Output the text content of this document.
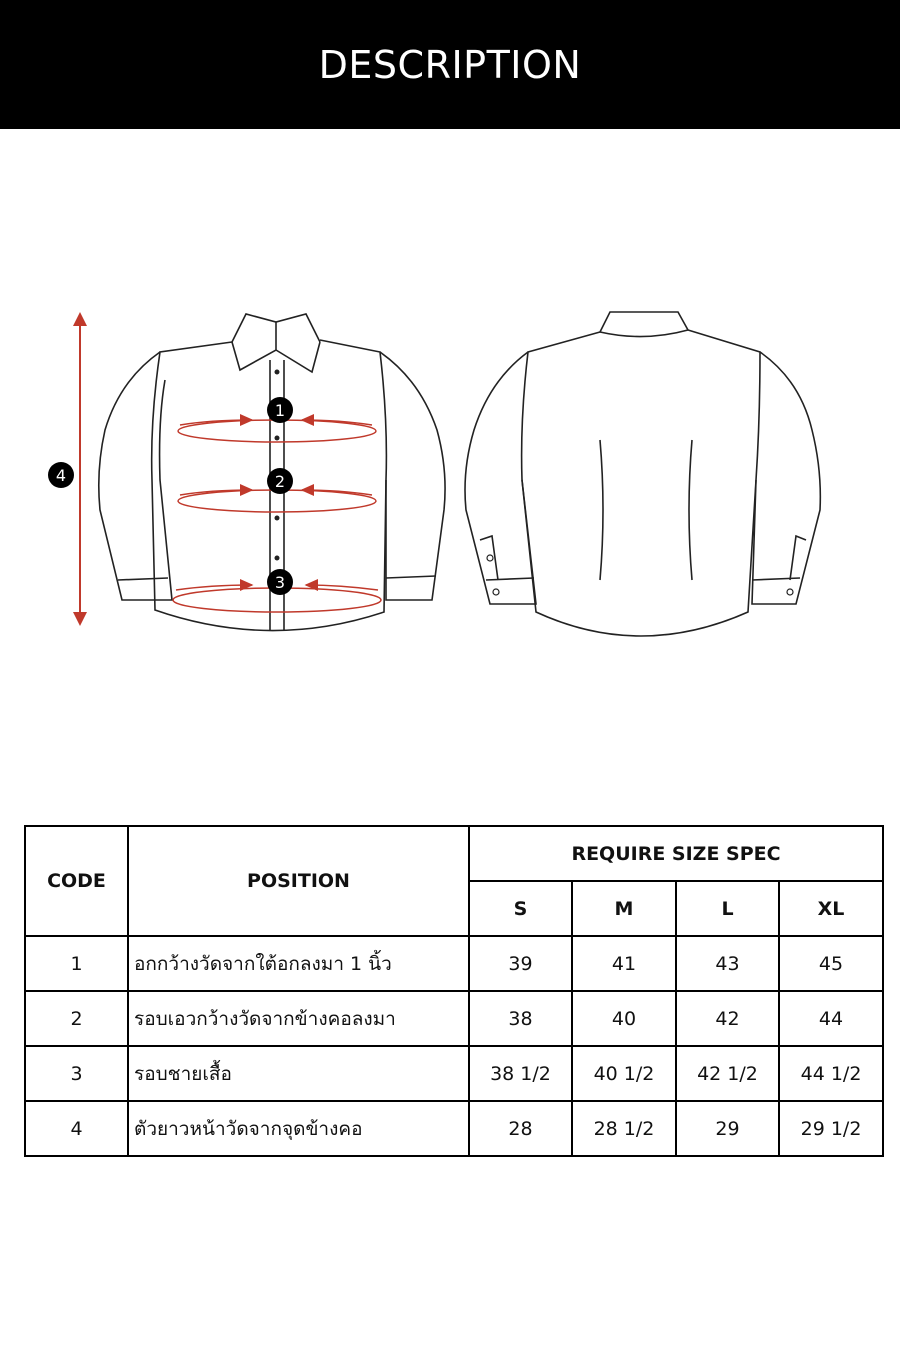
DESCRIPTION
1
2
3
4
CODE	POSITION	REQUIRE SIZE SPEC			
		S	M	L	XL
1	อกกว้างวัดจากใต้อกลงมา 1 นิ้ว	39	41	43	45
2	รอบเอวกว้างวัดจากข้างคอลงมา	38	40	42	44
3	รอบชายเสื้อ	38 1/2	40 1/2	42 1/2	44 1/2
4	ตัวยาวหน้าวัดจากจุดข้างคอ	28	28 1/2	29	29 1/2
